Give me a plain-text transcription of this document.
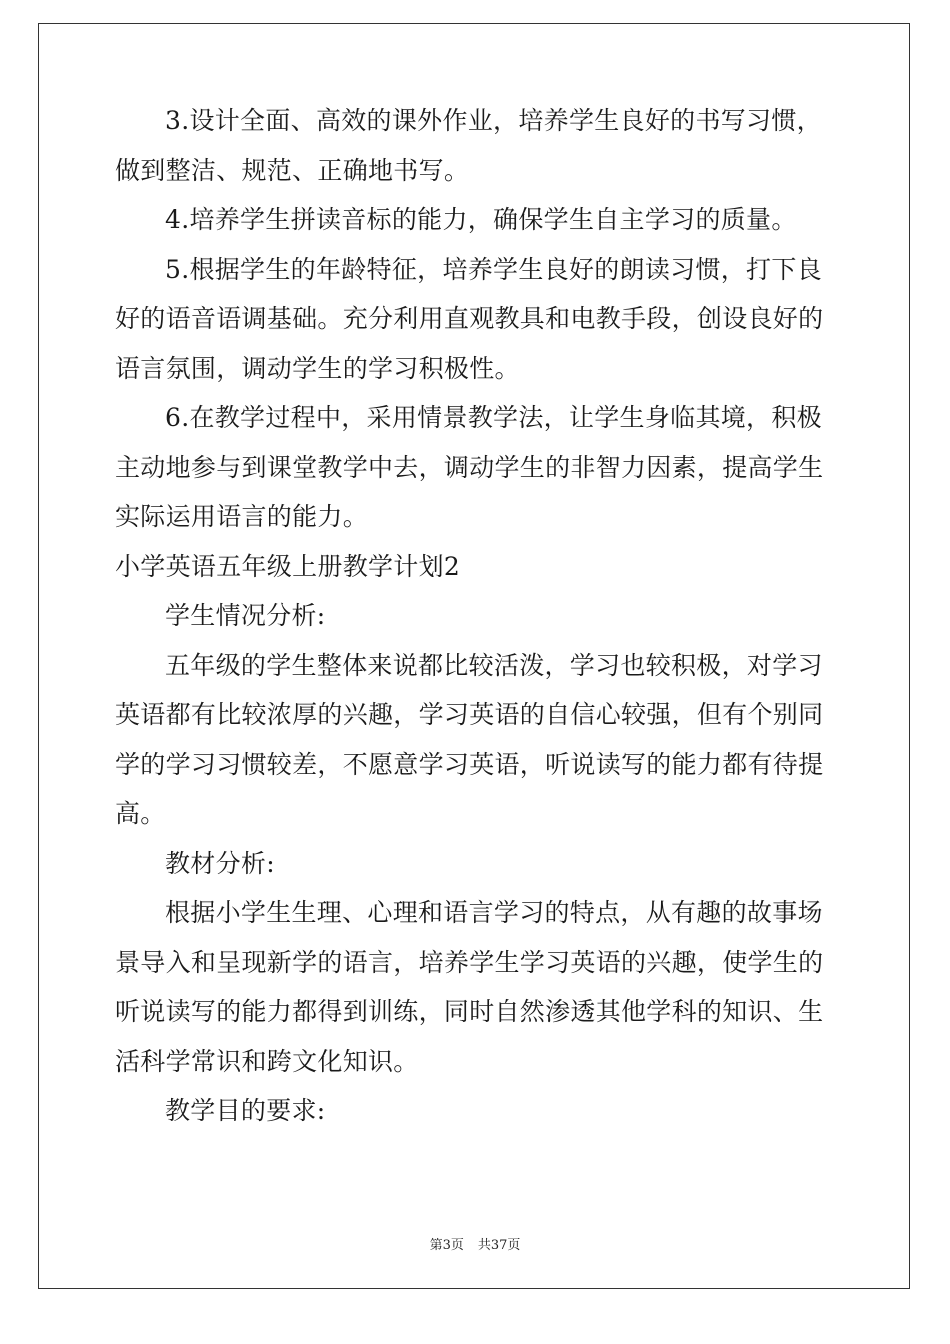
3.设计全面、高效的课外作业，培养学生良好的书写习惯，
做到整洁、规范、正确地书写。
4.培养学生拼读音标的能力，确保学生自主学习的质量。
5.根据学生的年龄特征，培养学生良好的朗读习惯，打下良
好的语音语调基础。充分利用直观教具和电教手段，创设良好的
语言氛围，调动学生的学习积极性。
6.在教学过程中，采用情景教学法，让学生身临其境，积极
主动地参与到课堂教学中去，调动学生的非智力因素，提高学生
实际运用语言的能力。
小学英语五年级上册教学计划2
学生情况分析:
五年级的学生整体来说都比较活泼，学习也较积极，对学习
英语都有比较浓厚的兴趣，学习英语的自信心较强，但有个别同
学的学习习惯较差，不愿意学习英语，听说读写的能力都有待提
高。
教材分析:
根据小学生生理、心理和语言学习的特点，从有趣的故事场
景导入和呈现新学的语言，培养学生学习英语的兴趣，使学生的
听说读写的能力都得到训练，同时自然渗透其他学科的知识、生
活科学常识和跨文化知识。
教学目的要求:
第3页 共37页
